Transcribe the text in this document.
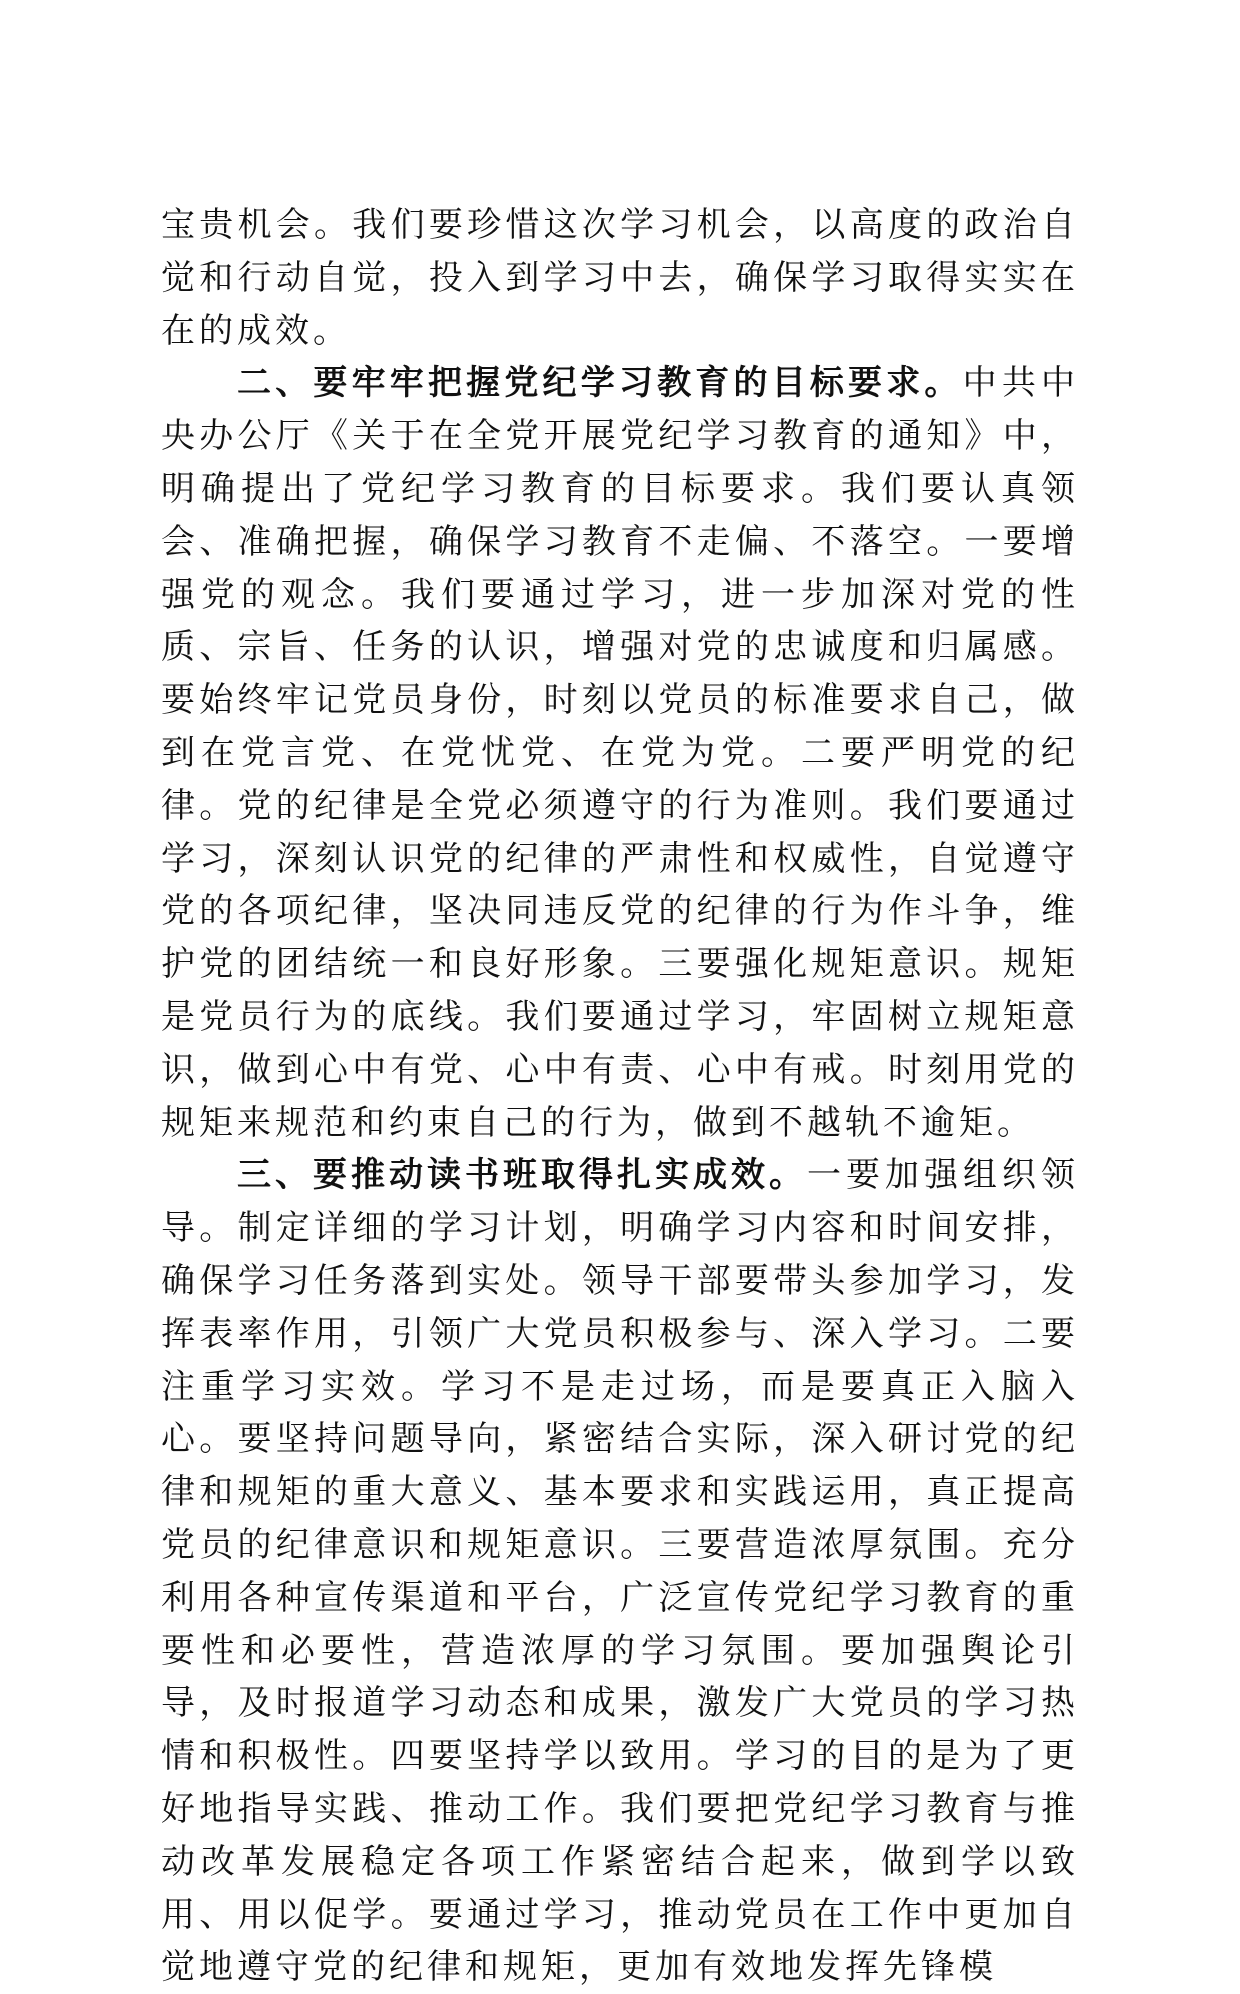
宝贵机会。我们要珍惜这次学习机会，以高度的政治自觉和行动自觉，投入到学习中去，确保学习取得实实在在的成效。

二、要牢牢把握党纪学习教育的目标要求。中共中央办公厅《关于在全党开展党纪学习教育的通知》中，明确提出了党纪学习教育的目标要求。我们要认真领会、准确把握，确保学习教育不走偏、不落空。一要增强党的观念。我们要通过学习，进一步加深对党的性质、宗旨、任务的认识，增强对党的忠诚度和归属感。要始终牢记党员身份，时刻以党员的标准要求自己，做到在党言党、在党忧党、在党为党。二要严明党的纪律。党的纪律是全党必须遵守的行为准则。我们要通过学习，深刻认识党的纪律的严肃性和权威性，自觉遵守党的各项纪律，坚决同违反党的纪律的行为作斗争，维护党的团结统一和良好形象。三要强化规矩意识。规矩是党员行为的底线。我们要通过学习，牢固树立规矩意识，做到心中有党、心中有责、心中有戒。时刻用党的规矩来规范和约束自己的行为，做到不越轨不逾矩。

三、要推动读书班取得扎实成效。一要加强组织领导。制定详细的学习计划，明确学习内容和时间安排，确保学习任务落到实处。领导干部要带头参加学习，发挥表率作用，引领广大党员积极参与、深入学习。二要注重学习实效。学习不是走过场，而是要真正入脑入心。要坚持问题导向，紧密结合实际，深入研讨党的纪律和规矩的重大意义、基本要求和实践运用，真正提高党员的纪律意识和规矩意识。三要营造浓厚氛围。充分利用各种宣传渠道和平台，广泛宣传党纪学习教育的重要性和必要性，营造浓厚的学习氛围。要加强舆论引导，及时报道学习动态和成果，激发广大党员的学习热情和积极性。四要坚持学以致用。学习的目的是为了更好地指导实践、推动工作。我们要把党纪学习教育与推动改革发展稳定各项工作紧密结合起来，做到学以致用、用以促学。要通过学习，推动党员在工作中更加自觉地遵守党的纪律和规矩，更加有效地发挥先锋模
